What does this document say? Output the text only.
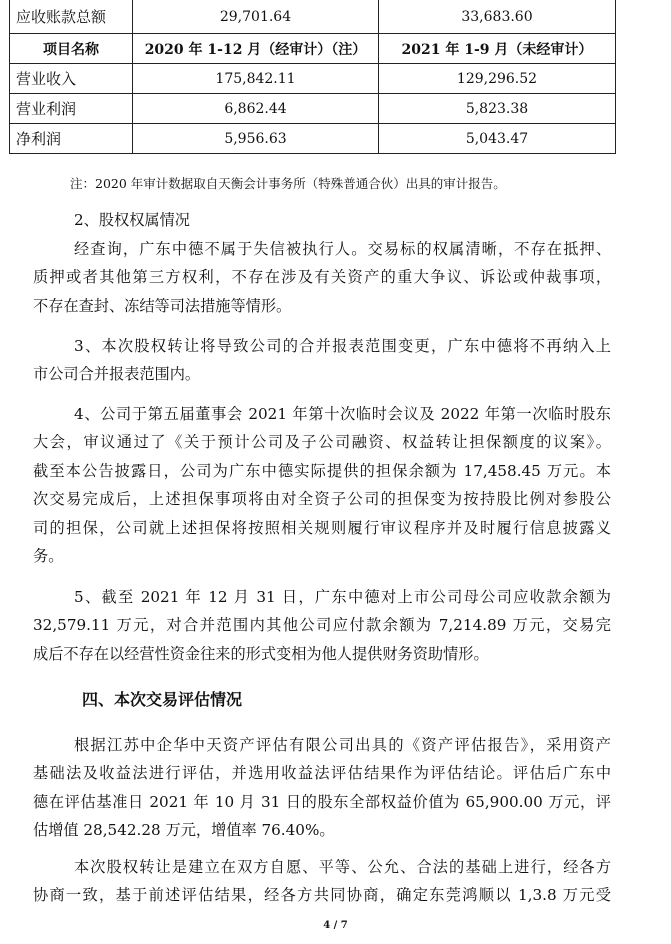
应收账款总额	29,701.64	33,683.60
项目名称	2020 年 1-12 月（经审计）（注）	2021 年 1-9 月（未经审计）
营业收入	175,842.11	129,296.52
营业利润	6,862.44	5,823.38
净利润	5,956.63	5,043.47
注：2020 年审计数据取自天衡会计事务所（特殊普通合伙）出具的审计报告。
2、股权权属情况
经查询，广东中德不属于失信被执行人。交易标的权属清晰，不存在抵押、
质押或者其他第三方权利，不存在涉及有关资产的重大争议、诉讼或仲裁事项，
不存在查封、冻结等司法措施等情形。
3、本次股权转让将导致公司的合并报表范围变更，广东中德将不再纳入上
市公司合并报表范围内。
4、公司于第五届董事会 2021 年第十次临时会议及 2022 年第一次临时股东
大会，审议通过了《关于预计公司及子公司融资、权益转让担保额度的议案》。
截至本公告披露日，公司为广东中德实际提供的担保余额为 17,458.45 万元。本
次交易完成后，上述担保事项将由对全资子公司的担保变为按持股比例对参股公
司的担保，公司就上述担保将按照相关规则履行审议程序并及时履行信息披露义
务。
5、截至 2021 年 12 月 31 日，广东中德对上市公司母公司应收款余额为
32,579.11 万元，对合并范围内其他公司应付款余额为 7,214.89 万元，交易完
成后不存在以经营性资金往来的形式变相为他人提供财务资助情形。
四、本次交易评估情况
根据江苏中企华中天资产评估有限公司出具的《资产评估报告》，采用资产
基础法及收益法进行评估，并选用收益法评估结果作为评估结论。评估后广东中
德在评估基准日 2021 年 10 月 31 日的股东全部权益价值为 65,900.00 万元，评
估增值 28,542.28 万元，增值率 76.40%。
本次股权转让是建立在双方自愿、平等、公允、合法的基础上进行，经各方
协商一致，基于前述评估结果，经各方共同协商，确定东莞鸿顺以 1,3.8 万元受
4 / 7
